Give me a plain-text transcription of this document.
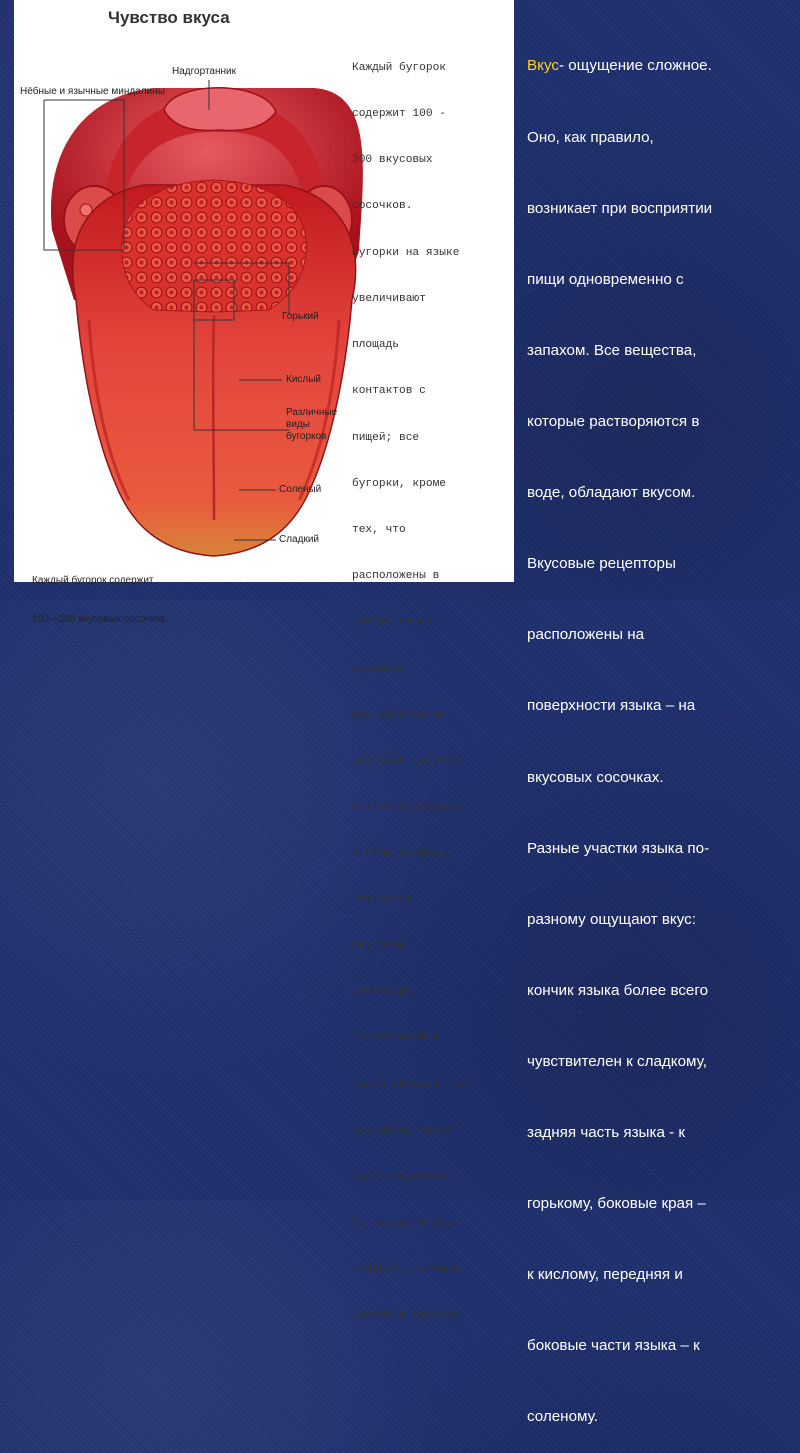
Чувство вкуса
Надгортанник
Нёбные и язычные миндалины
Горький
Кислый
Различные
виды
бугорков
Соленый
Сладкий

Каждый бугорок

содержит 100 -

200 вкусовых

сосочков.

Бугорки на языке

увеличивают

площадь

контактов с

пищей; все

бугорки, кроме

тех, что

расположены в

центре языка,

содержат

многочисленные

вкусовые сосочки.

В этих последних,

в свою очередь,

находятся

вкусовые

рецепторы,

расположенные

таким образом, что

различные части

языка реагируют

на разные вкусы -

сладкий, соленый,

кислый и горький.

Каждый бугорок содержит

100—200 вкусовых сосочков.

Вкус- ощущение сложное.

Оно, как правило,

возникает при восприятии

пищи одновременно с

запахом. Все вещества,

которые растворяются в

воде, обладают вкусом.

Вкусовые рецепторы

расположены на

поверхности языка – на

вкусовых сосочках.

Разные участки языка по-

разному ощущают вкус:

кончик языка более всего

чувствителен к сладкому,

задняя часть языка - к

горькому, боковые края –

к кислому, передняя и

боковые части языка – к

соленому.
